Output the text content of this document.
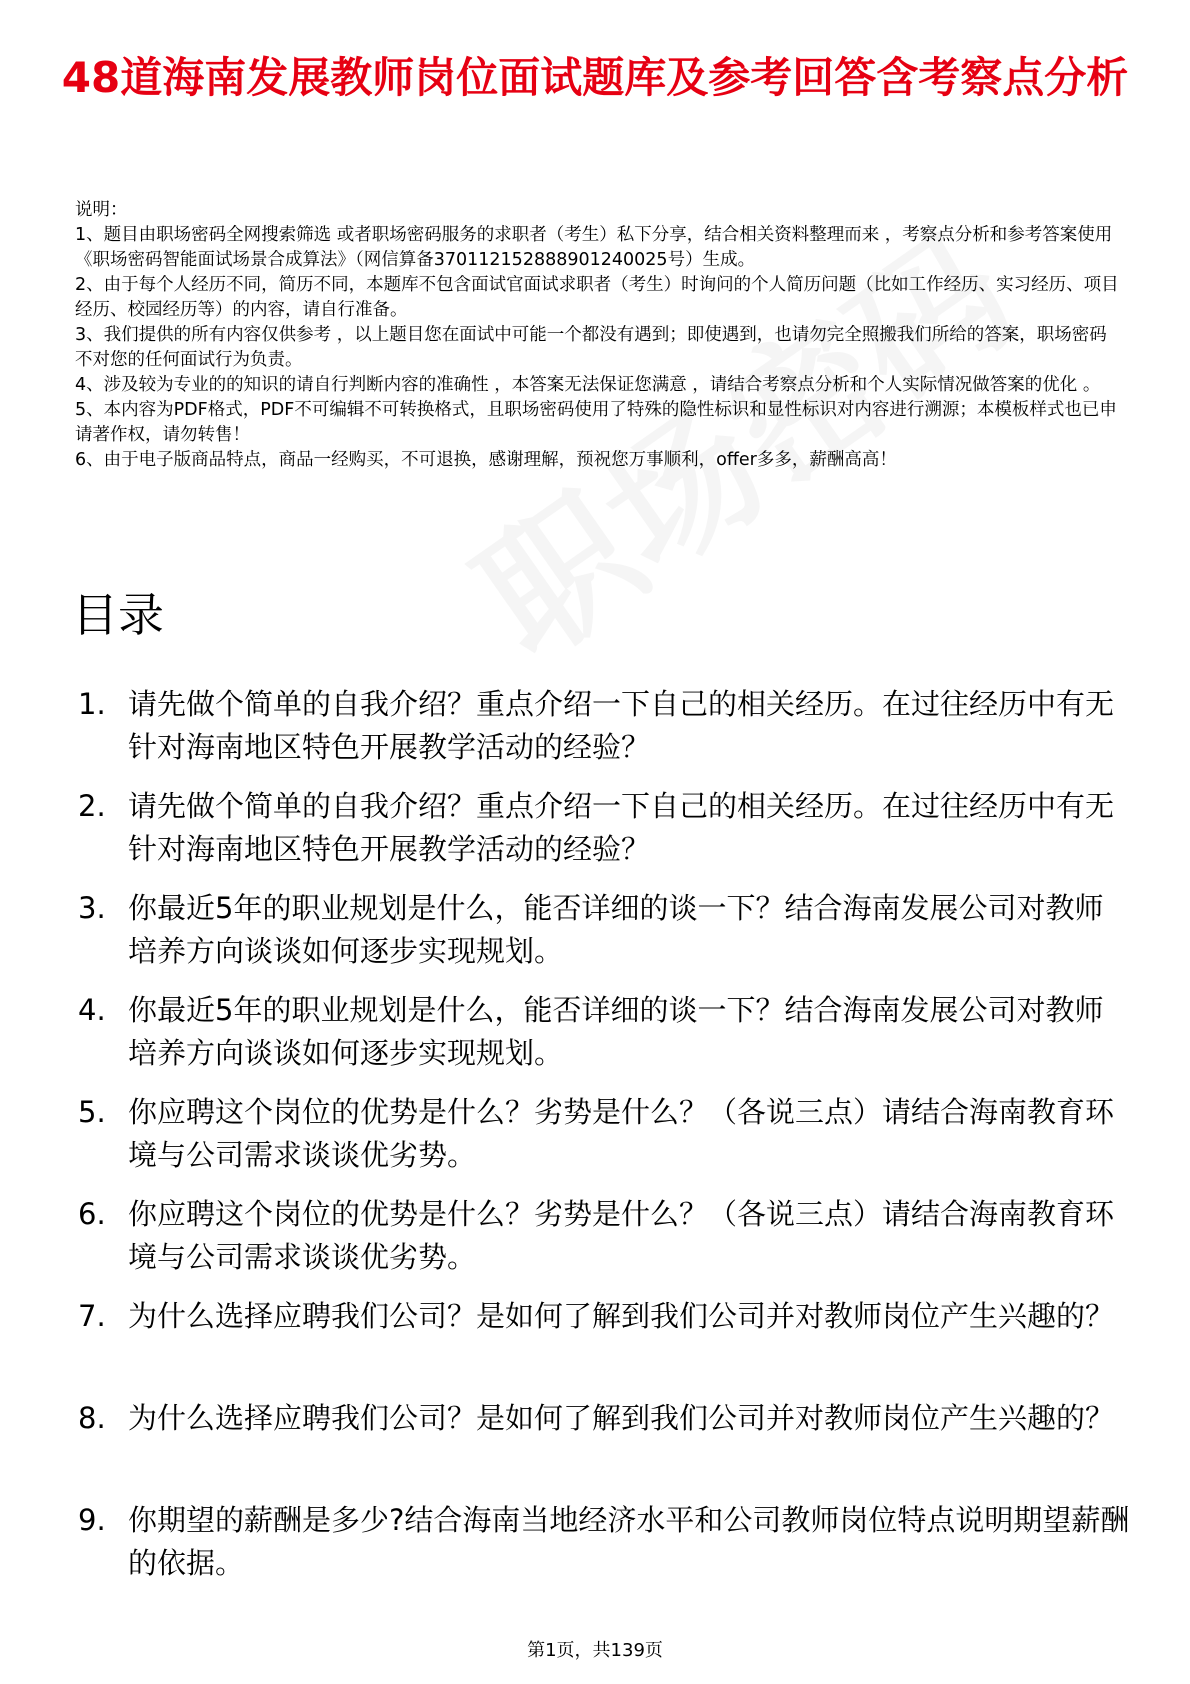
48道海南发展教师岗位面试题库及参考回答含考察点分析

说明：

1、题目由职场密码全网搜索筛选 或者职场密码服务的求职者（考生）私下分享，结合相关资料整理而来 ，考察点分析和参考答案使用《职场密码智能面试场景合成算法》（网信算备370112152888901240025号）生成。

2、由于每个人经历不同，简历不同，本题库不包含面试官面试求职者（考生）时询问的个人简历问题（比如工作经历、实习经历、项目经历、校园经历等）的内容，请自行准备。

3、我们提供的所有内容仅供参考 ，以上题目您在面试中可能一个都没有遇到；即使遇到，也请勿完全照搬我们所给的答案，职场密码不对您的任何面试行为负责。

4、涉及较为专业的的知识的请自行判断内容的准确性 ，本答案无法保证您满意 ，请结合考察点分析和个人实际情况做答案的优化 。

5、本内容为PDF格式，PDF不可编辑不可转换格式，且职场密码使用了特殊的隐性标识和显性标识对内容进行溯源；本模板样式也已申请著作权，请勿转售！

6、由于电子版商品特点，商品一经购买，不可退换，感谢理解，预祝您万事顺利，offer多多，薪酬高高！

目录
1. 请先做个简单的自我介绍？重点介绍一下自己的相关经历。在过往经历中有无针对海南地区特色开展教学活动的经验？
2. 请先做个简单的自我介绍？重点介绍一下自己的相关经历。在过往经历中有无针对海南地区特色开展教学活动的经验？
3. 你最近5年的职业规划是什么，能否详细的谈一下？结合海南发展公司对教师培养方向谈谈如何逐步实现规划。
4. 你最近5年的职业规划是什么，能否详细的谈一下？结合海南发展公司对教师培养方向谈谈如何逐步实现规划。
5. 你应聘这个岗位的优势是什么？劣势是什么？（各说三点）请结合海南教育环境与公司需求谈谈优劣势。
6. 你应聘这个岗位的优势是什么？劣势是什么？（各说三点）请结合海南教育环境与公司需求谈谈优劣势。
7. 为什么选择应聘我们公司？是如何了解到我们公司并对教师岗位产生兴趣的？
8. 为什么选择应聘我们公司？是如何了解到我们公司并对教师岗位产生兴趣的？
9. 你期望的薪酬是多少?结合海南当地经济水平和公司教师岗位特点说明期望薪酬的依据。
第1页，共139页
